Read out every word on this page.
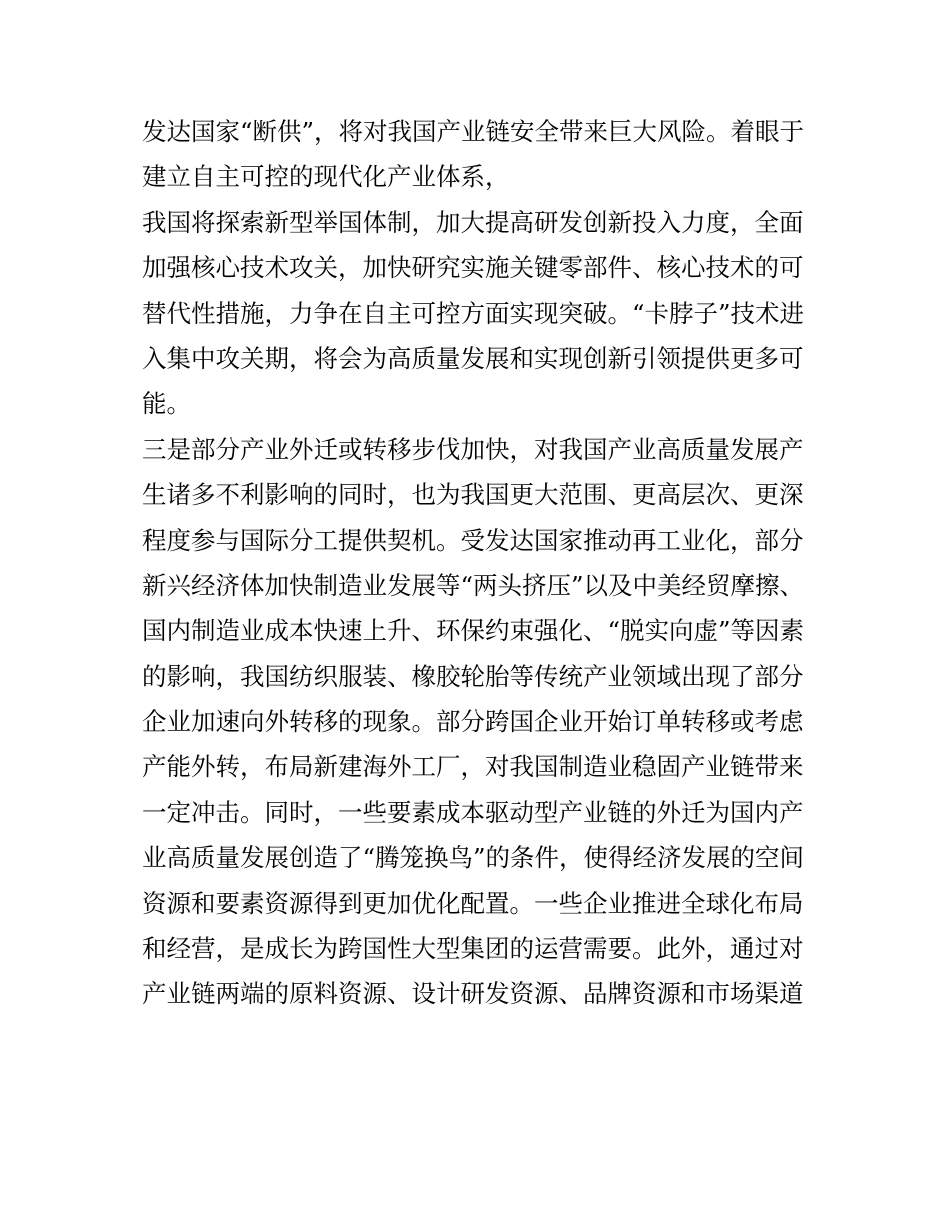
发达国家“断供”，将对我国产业链安全带来巨大风险。着眼于
建立自主可控的现代化产业体系，
我国将探索新型举国体制，加大提高研发创新投入力度，全面
加强核心技术攻关，加快研究实施关键零部件、核心技术的可
替代性措施，力争在自主可控方面实现突破。“卡脖子”技术进
入集中攻关期，将会为高质量发展和实现创新引领提供更多可
能。
三是部分产业外迁或转移步伐加快，对我国产业高质量发展产
生诸多不利影响的同时，也为我国更大范围、更高层次、更深
程度参与国际分工提供契机。受发达国家推动再工业化，部分
新兴经济体加快制造业发展等“两头挤压”以及中美经贸摩擦、
国内制造业成本快速上升、环保约束强化、“脱实向虚”等因素
的影响，我国纺织服装、橡胶轮胎等传统产业领域出现了部分
企业加速向外转移的现象。部分跨国企业开始订单转移或考虑
产能外转，布局新建海外工厂，对我国制造业稳固产业链带来
一定冲击。同时，一些要素成本驱动型产业链的外迁为国内产
业高质量发展创造了“腾笼换鸟”的条件，使得经济发展的空间
资源和要素资源得到更加优化配置。一些企业推进全球化布局
和经营，是成长为跨国性大型集团的运营需要。此外，通过对
产业链两端的原料资源、设计研发资源、品牌资源和市场渠道
